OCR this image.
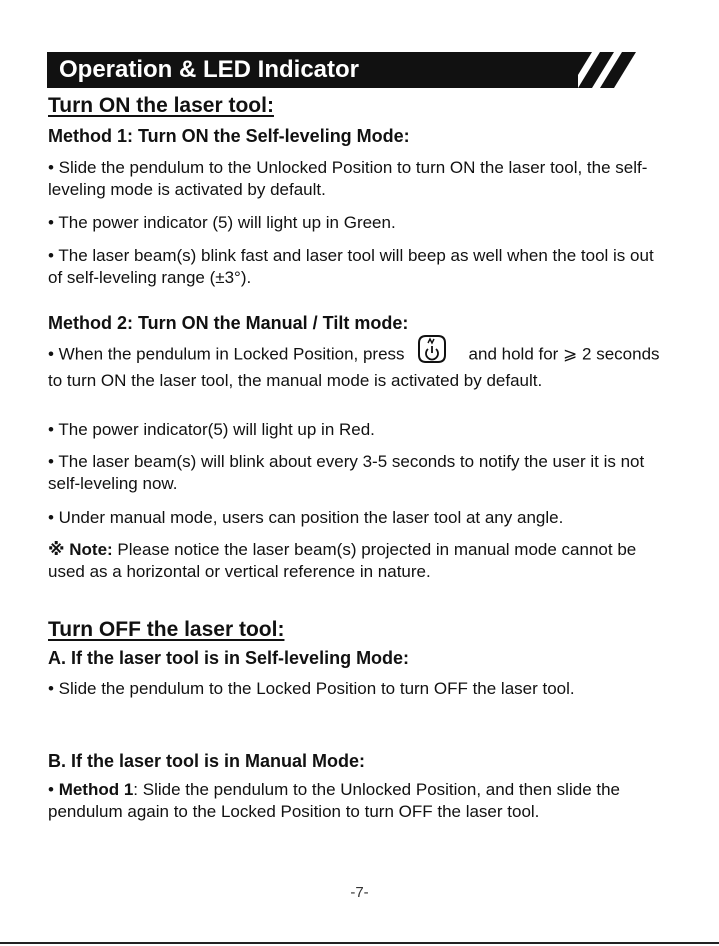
Operation & LED Indicator
Turn ON the laser tool:
Method 1: Turn ON the Self-leveling Mode:

• Slide the pendulum to the Unlocked Position to turn ON the laser tool, the self-leveling mode is activated by default.

• The power indicator (5) will light up in Green.

• The laser beam(s) blink fast and laser tool will beep as well when the tool is out of self-leveling range (±3°).

Method 2: Turn ON the Manual / Tilt mode:

• When the pendulum in Locked Position, press	and hold for ⩾ 2 seconds to turn ON the laser tool, the manual mode is activated by default.

• The power indicator(5) will light up in Red.

• The laser beam(s) will blink about every 3-5 seconds to notify the user it is not self-leveling now.

• Under manual mode, users can position the laser tool at any angle.

※ Note: Please notice the laser beam(s) projected in manual mode cannot be used as a horizontal or vertical reference in nature.

Turn OFF the laser tool:
A. If the laser tool is in Self-leveling Mode:

• Slide the pendulum to the Locked Position to turn OFF the laser tool.

B. If the laser tool is in Manual Mode:

• Method 1: Slide the pendulum to the Unlocked Position, and then slide the pendulum again to the Locked Position to turn OFF the laser tool.

-7-
